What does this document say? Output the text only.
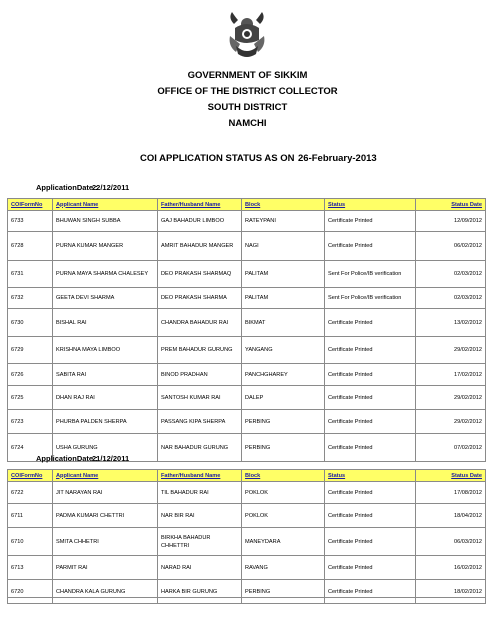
GOVERNMENT OF SIKKIM
OFFICE OF THE DISTRICT COLLECTOR
SOUTH DISTRICT
NAMCHI
COI APPLICATION STATUS AS ON 26-February-2013
ApplicationDate :
22/12/2011
COIFormNo	Applicant Name	Father/Husband Name	Block	Status	Status Date
6733	BHUWAN SINGH SUBBA	GAJ BAHADUR LIMBOO	RATEYPANI	Certificate Printed	12/09/2012
6728	PURNA KUMAR MANGER	AMRIT BAHADUR MANGER	NAGI	Certificate Printed	06/02/2012
6731	PURNA MAYA SHARMA CHALESEY	DEO PRAKASH SHARMAQ	PALITAM	Sent For Police/IB verification	02/03/2012
6732	GEETA DEVI SHARMA	DEO PRAKASH SHARMA	PALITAM	Sent For Police/IB verification	02/03/2012
6730	BISHAL RAI	CHANDRA BAHADUR RAI	BIKMAT	Certificate Printed	13/02/2012
6729	KRISHNA MAYA LIMBOO	PREM BAHADUR GURUNG	YANGANG	Certificate Printed	29/02/2012
6726	SABITA RAI	BINOD PRADHAN	PANCHGHAREY	Certificate Printed	17/02/2012
6725	DHAN RAJ RAI	SANTOSH KUMAR RAI	DALEP	Certificate Printed	29/02/2012
6723	PHURBA PALDEN SHERPA	PASSANG KIPA SHERPA	PERBING	Certificate Printed	29/02/2012
6724	USHA GURUNG	NAR BAHADUR GURUNG	PERBING	Certificate Printed	07/02/2012
ApplicationDate :
21/12/2011
COIFormNo	Applicant Name	Father/Husband Name	Block	Status	Status Date
6722	JIT NARAYAN RAI	TIL BAHADUR RAI	POKLOK	Certificate Printed	17/08/2012
6711	PADMA KUMARI CHETTRI	NAR BIR RAI	POKLOK	Certificate Printed	18/04/2012
6710	SMITA CHHETRI	BIRKHA BAHADUR CHHETTRI	MANEYDARA	Certificate Printed	06/03/2012
6713	PARMIT RAI	NARAD RAI	RAVANG	Certificate Printed	16/02/2012
6720	CHANDRA KALA GURUNG	HARKA BIR GURUNG	PERBING	Certificate Printed	18/02/2012
